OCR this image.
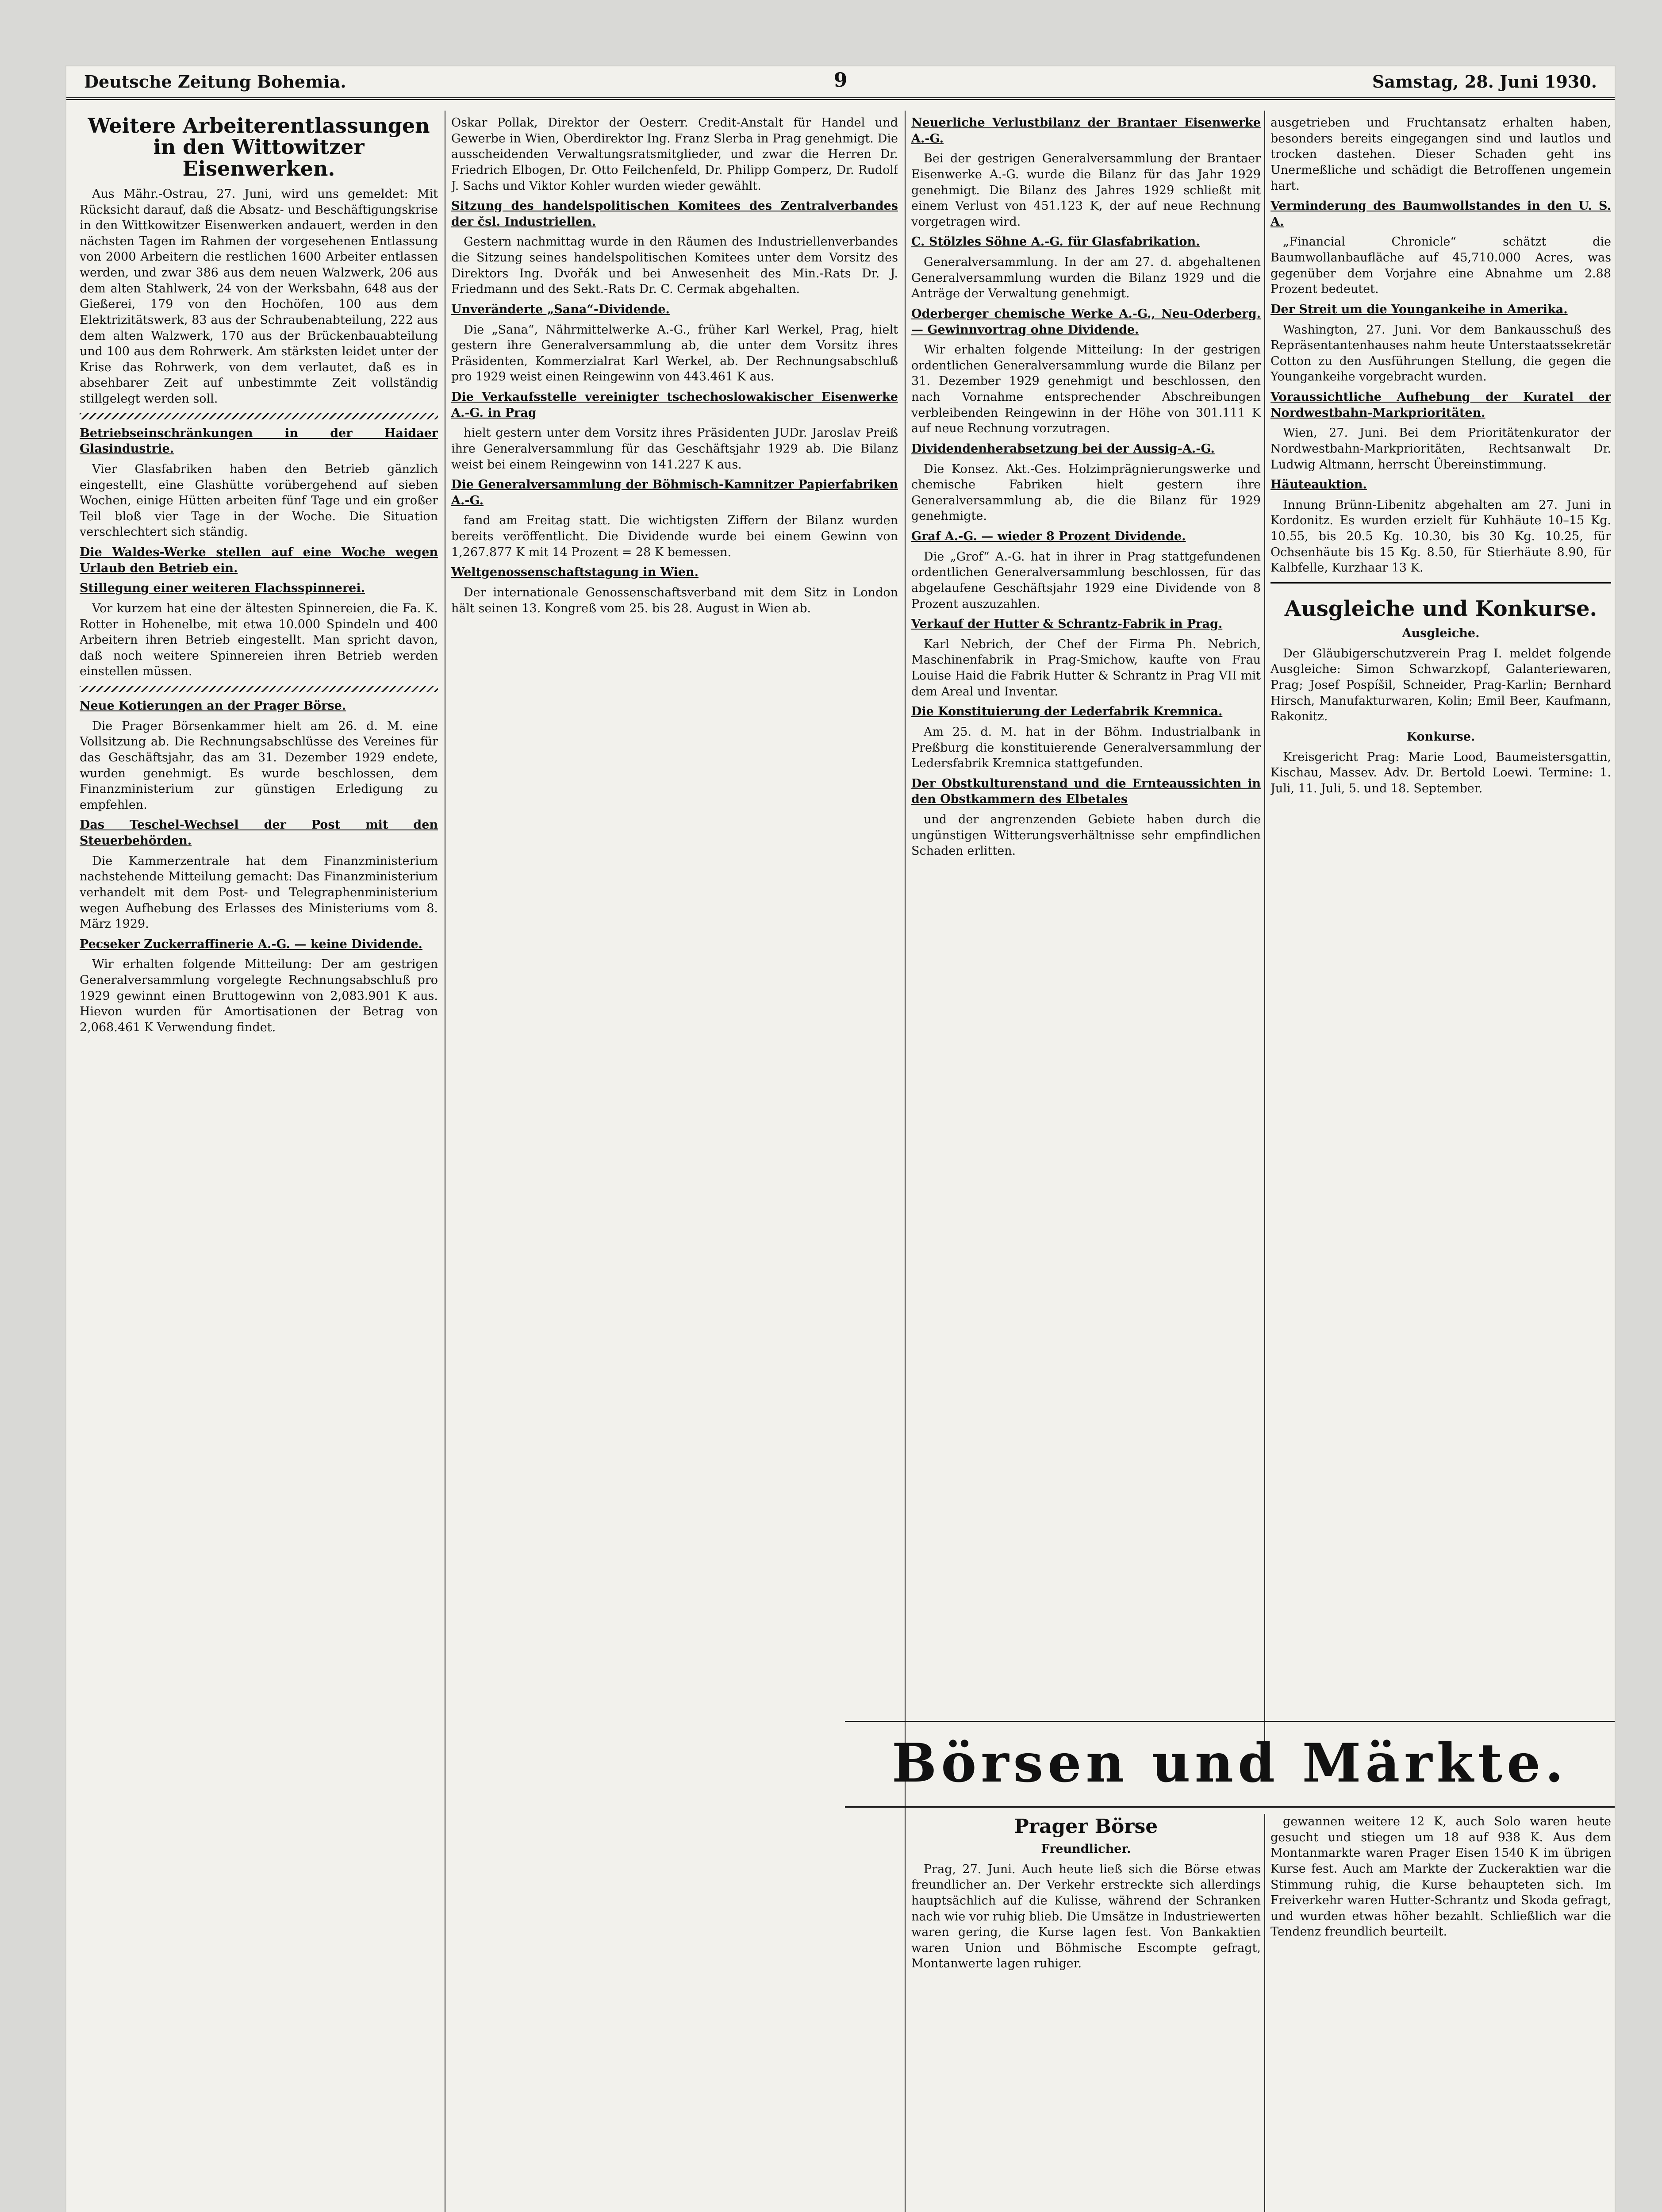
Deutsche Zeitung Bohemia.	9	Samstag, 28. Juni 1930.
Weitere Arbeiterentlassungen in den Wittowitzer Eisenwerken.

Aus Mähr.-Ostrau, 27. Juni, wird uns gemeldet: Mit Rücksicht darauf, daß die Absatz- und Beschäftigungskrise in den Wittkowitzer Eisenwerken andauert, werden in den nächsten Tagen im Rahmen der vorgesehenen Entlassung von 2000 Arbeitern die restlichen 1600 Arbeiter entlassen werden, und zwar 386 aus dem neuen Walzwerk, 206 aus dem alten Stahlwerk, 24 von der Werksbahn, 648 aus der Gießerei, 179 von den Hochöfen, 100 aus dem Elektrizitätswerk, 83 aus der Schraubenabteilung, 222 aus dem alten Walzwerk, 170 aus der Brückenbauabteilung und 100 aus dem Rohrwerk. Am stärksten leidet unter der Krise das Rohrwerk, von dem verlautet, daß es in absehbarer Zeit auf unbestimmte Zeit vollständig stillgelegt werden soll.

Betriebseinschränkungen in der Haidaer Glasindustrie.

Vier Glasfabriken haben den Betrieb gänzlich eingestellt, eine Glashütte vorübergehend auf sieben Wochen, einige Hütten arbeiten fünf Tage und ein großer Teil bloß vier Tage in der Woche. Die Situation verschlechtert sich ständig.

Die Waldes-Werke stellen auf eine Woche wegen Urlaub den Betrieb ein.

Stillegung einer weiteren Flachsspinnerei.

Vor kurzem hat eine der ältesten Spinnereien, die Fa. K. Rotter in Hohenelbe, mit etwa 10.000 Spindeln und 400 Arbeitern ihren Betrieb eingestellt. Man spricht davon, daß noch weitere Spinnereien ihren Betrieb werden einstellen müssen.

Neue Kotierungen an der Prager Börse.

Die Prager Börsenkammer hielt am 26. d. M. eine Vollsitzung ab. Die Rechnungsabschlüsse des Vereines für das Geschäftsjahr, das am 31. Dezember 1929 endete, wurden genehmigt. Es wurde beschlossen, dem Finanzministerium zur günstigen Erledigung zu empfehlen.

Das Teschel-Wechsel der Post mit den Steuerbehörden.

Die Kammerzentrale hat dem Finanzministerium nachstehende Mitteilung gemacht: Das Finanzministerium verhandelt mit dem Post- und Telegraphenministerium wegen Aufhebung des Erlasses des Ministeriums vom 8. März 1929.

Pecseker Zuckerraffinerie A.-G. — keine Dividende.

Wir erhalten folgende Mitteilung: Der am gestrigen Generalversammlung vorgelegte Rechnungsabschluß pro 1929 gewinnt einen Bruttogewinn von 2,083.901 K aus. Hievon wurden für Amortisationen der Betrag von 2,068.461 K Verwendung findet.

Oskar Pollak, Direktor der Oesterr. Credit-Anstalt für Handel und Gewerbe in Wien, Oberdirektor Ing. Franz Slerba in Prag genehmigt. Die ausscheidenden Verwaltungsratsmitglieder, und zwar die Herren Dr. Friedrich Elbogen, Dr. Otto Feilchenfeld, Dr. Philipp Gomperz, Dr. Rudolf J. Sachs und Viktor Kohler wurden wieder gewählt.

Sitzung des handelspolitischen Komitees des Zentralverbandes der čsl. Industriellen.

Gestern nachmittag wurde in den Räumen des Industriellenverbandes die Sitzung seines handelspolitischen Komitees unter dem Vorsitz des Direktors Ing. Dvořák und bei Anwesenheit des Min.-Rats Dr. J. Friedmann und des Sekt.-Rats Dr. C. Cermak abgehalten.

Unveränderte „Sana“-Dividende.

Die „Sana“, Nährmittelwerke A.-G., früher Karl Werkel, Prag, hielt gestern ihre Generalversammlung ab, die unter dem Vorsitz ihres Präsidenten, Kommerzialrat Karl Werkel, ab. Der Rechnungsabschluß pro 1929 weist einen Reingewinn von 443.461 K aus.

Die Verkaufsstelle vereinigter tschechoslowakischer Eisenwerke A.-G. in Prag

hielt gestern unter dem Vorsitz ihres Präsidenten JUDr. Jaroslav Preiß ihre Generalversammlung für das Geschäftsjahr 1929 ab. Die Bilanz weist bei einem Reingewinn von 141.227 K aus.

Die Generalversammlung der Böhmisch-Kamnitzer Papierfabriken A.-G.

fand am Freitag statt. Die wichtigsten Ziffern der Bilanz wurden bereits veröffentlicht. Die Dividende wurde bei einem Gewinn von 1,267.877 K mit 14 Prozent = 28 K bemessen.

Weltgenossenschaftstagung in Wien.

Der internationale Genossenschaftsverband mit dem Sitz in London hält seinen 13. Kongreß vom 25. bis 28. August in Wien ab.

Neuerliche Verlustbilanz der Brantaer Eisenwerke A.-G.

Bei der gestrigen Generalversammlung der Brantaer Eisenwerke A.-G. wurde die Bilanz für das Jahr 1929 genehmigt. Die Bilanz des Jahres 1929 schließt mit einem Verlust von 451.123 K, der auf neue Rechnung vorgetragen wird.

C. Stölzles Söhne A.-G. für Glasfabrikation.

Generalversammlung. In der am 27. d. abgehaltenen Generalversammlung wurden die Bilanz 1929 und die Anträge der Verwaltung genehmigt.

Oderberger chemische Werke A.-G., Neu-Oderberg. — Gewinnvortrag ohne Dividende.

Wir erhalten folgende Mitteilung: In der gestrigen ordentlichen Generalversammlung wurde die Bilanz per 31. Dezember 1929 genehmigt und beschlossen, den nach Vornahme entsprechender Abschreibungen verbleibenden Reingewinn in der Höhe von 301.111 K auf neue Rechnung vorzutragen.

Dividendenherabsetzung bei der Aussig-A.-G.

Die Konsez. Akt.-Ges. Holzimprägnierungswerke und chemische Fabriken hielt gestern ihre Generalversammlung ab, die die Bilanz für 1929 genehmigte.

Graf A.-G. — wieder 8 Prozent Dividende.

Die „Grof“ A.-G. hat in ihrer in Prag stattgefundenen ordentlichen Generalversammlung beschlossen, für das abgelaufene Geschäftsjahr 1929 eine Dividende von 8 Prozent auszuzahlen.

Verkauf der Hutter & Schrantz-Fabrik in Prag.

Karl Nebrich, der Chef der Firma Ph. Nebrich, Maschinenfabrik in Prag-Smichow, kaufte von Frau Louise Haid die Fabrik Hutter & Schrantz in Prag VII mit dem Areal und Inventar.

Die Konstituierung der Lederfabrik Kremnica.

Am 25. d. M. hat in der Böhm. Industrialbank in Preßburg die konstituierende Generalversammlung der Ledersfabrik Kremnica stattgefunden.

Der Obstkulturenstand und die Ernteaussichten in den Obstkammern des Elbetales

und der angrenzenden Gebiete haben durch die ungünstigen Witterungsverhältnisse sehr empfindlichen Schaden erlitten.

ausgetrieben und Fruchtansatz erhalten haben, besonders bereits eingegangen sind und lautlos und trocken dastehen. Dieser Schaden geht ins Unermeßliche und schädigt die Betroffenen ungemein hart.

Verminderung des Baumwollstandes in den U. S. A.

„Financial Chronicle“ schätzt die Baumwollanbaufläche auf 45,710.000 Acres, was gegenüber dem Vorjahre eine Abnahme um 2.88 Prozent bedeutet.

Der Streit um die Youngankeihe in Amerika.

Washington, 27. Juni. Vor dem Bankausschuß des Repräsentantenhauses nahm heute Unterstaatssekretär Cotton zu den Ausführungen Stellung, die gegen die Youngankeihe vorgebracht wurden.

Voraussichtliche Aufhebung der Kuratel der Nordwestbahn-Markprioritäten.

Wien, 27. Juni. Bei dem Prioritätenkurator der Nordwestbahn-Markprioritäten, Rechtsanwalt Dr. Ludwig Altmann, herrscht Übereinstimmung.

Häuteauktion.

Innung Brünn-Libenitz abgehalten am 27. Juni in Kordonitz. Es wurden erzielt für Kuhhäute 10–15 Kg. 10.55, bis 20.5 Kg. 10.30, bis 30 Kg. 10.25, für Ochsenhäute bis 15 Kg. 8.50, für Stierhäute 8.90, für Kalbfelle, Kurzhaar 13 K.

Ausgleiche und Konkurse.
Ausgleiche.

Der Gläubigerschutzverein Prag I. meldet folgende Ausgleiche: Simon Schwarzkopf, Galanteriewaren, Prag; Josef Pospíšil, Schneider, Prag-Karlin; Bernhard Hirsch, Manufakturwaren, Kolin; Emil Beer, Kaufmann, Rakonitz.

Konkurse.

Kreisgericht Prag: Marie Lood, Baumeistersgattin, Kischau, Massev. Adv. Dr. Bertold Loewi. Termine: 1. Juli, 11. Juli, 5. und 18. September.

Börsen und Märkte.
Prager Börse
Freundlicher.

Prag, 27. Juni. Auch heute ließ sich die Börse etwas freundlicher an. Der Verkehr erstreckte sich allerdings hauptsächlich auf die Kulisse, während der Schranken nach wie vor ruhig blieb. Die Umsätze in Industriewerten waren gering, die Kurse lagen fest. Von Bankaktien waren Union und Böhmische Escompte gefragt, Montanwerte lagen ruhiger.

gewannen weitere 12 K, auch Solo waren heute gesucht und stiegen um 18 auf 938 K. Aus dem Montanmarkte waren Prager Eisen 1540 K im übrigen Kurse fest. Auch am Markte der Zuckeraktien war die Stimmung ruhig, die Kurse behaupteten sich. Im Freiverkehr waren Hutter-Schrantz und Skoda gefragt, und wurden etwas höher bezahlt. Schließlich war die Tendenz freundlich beurteilt.
